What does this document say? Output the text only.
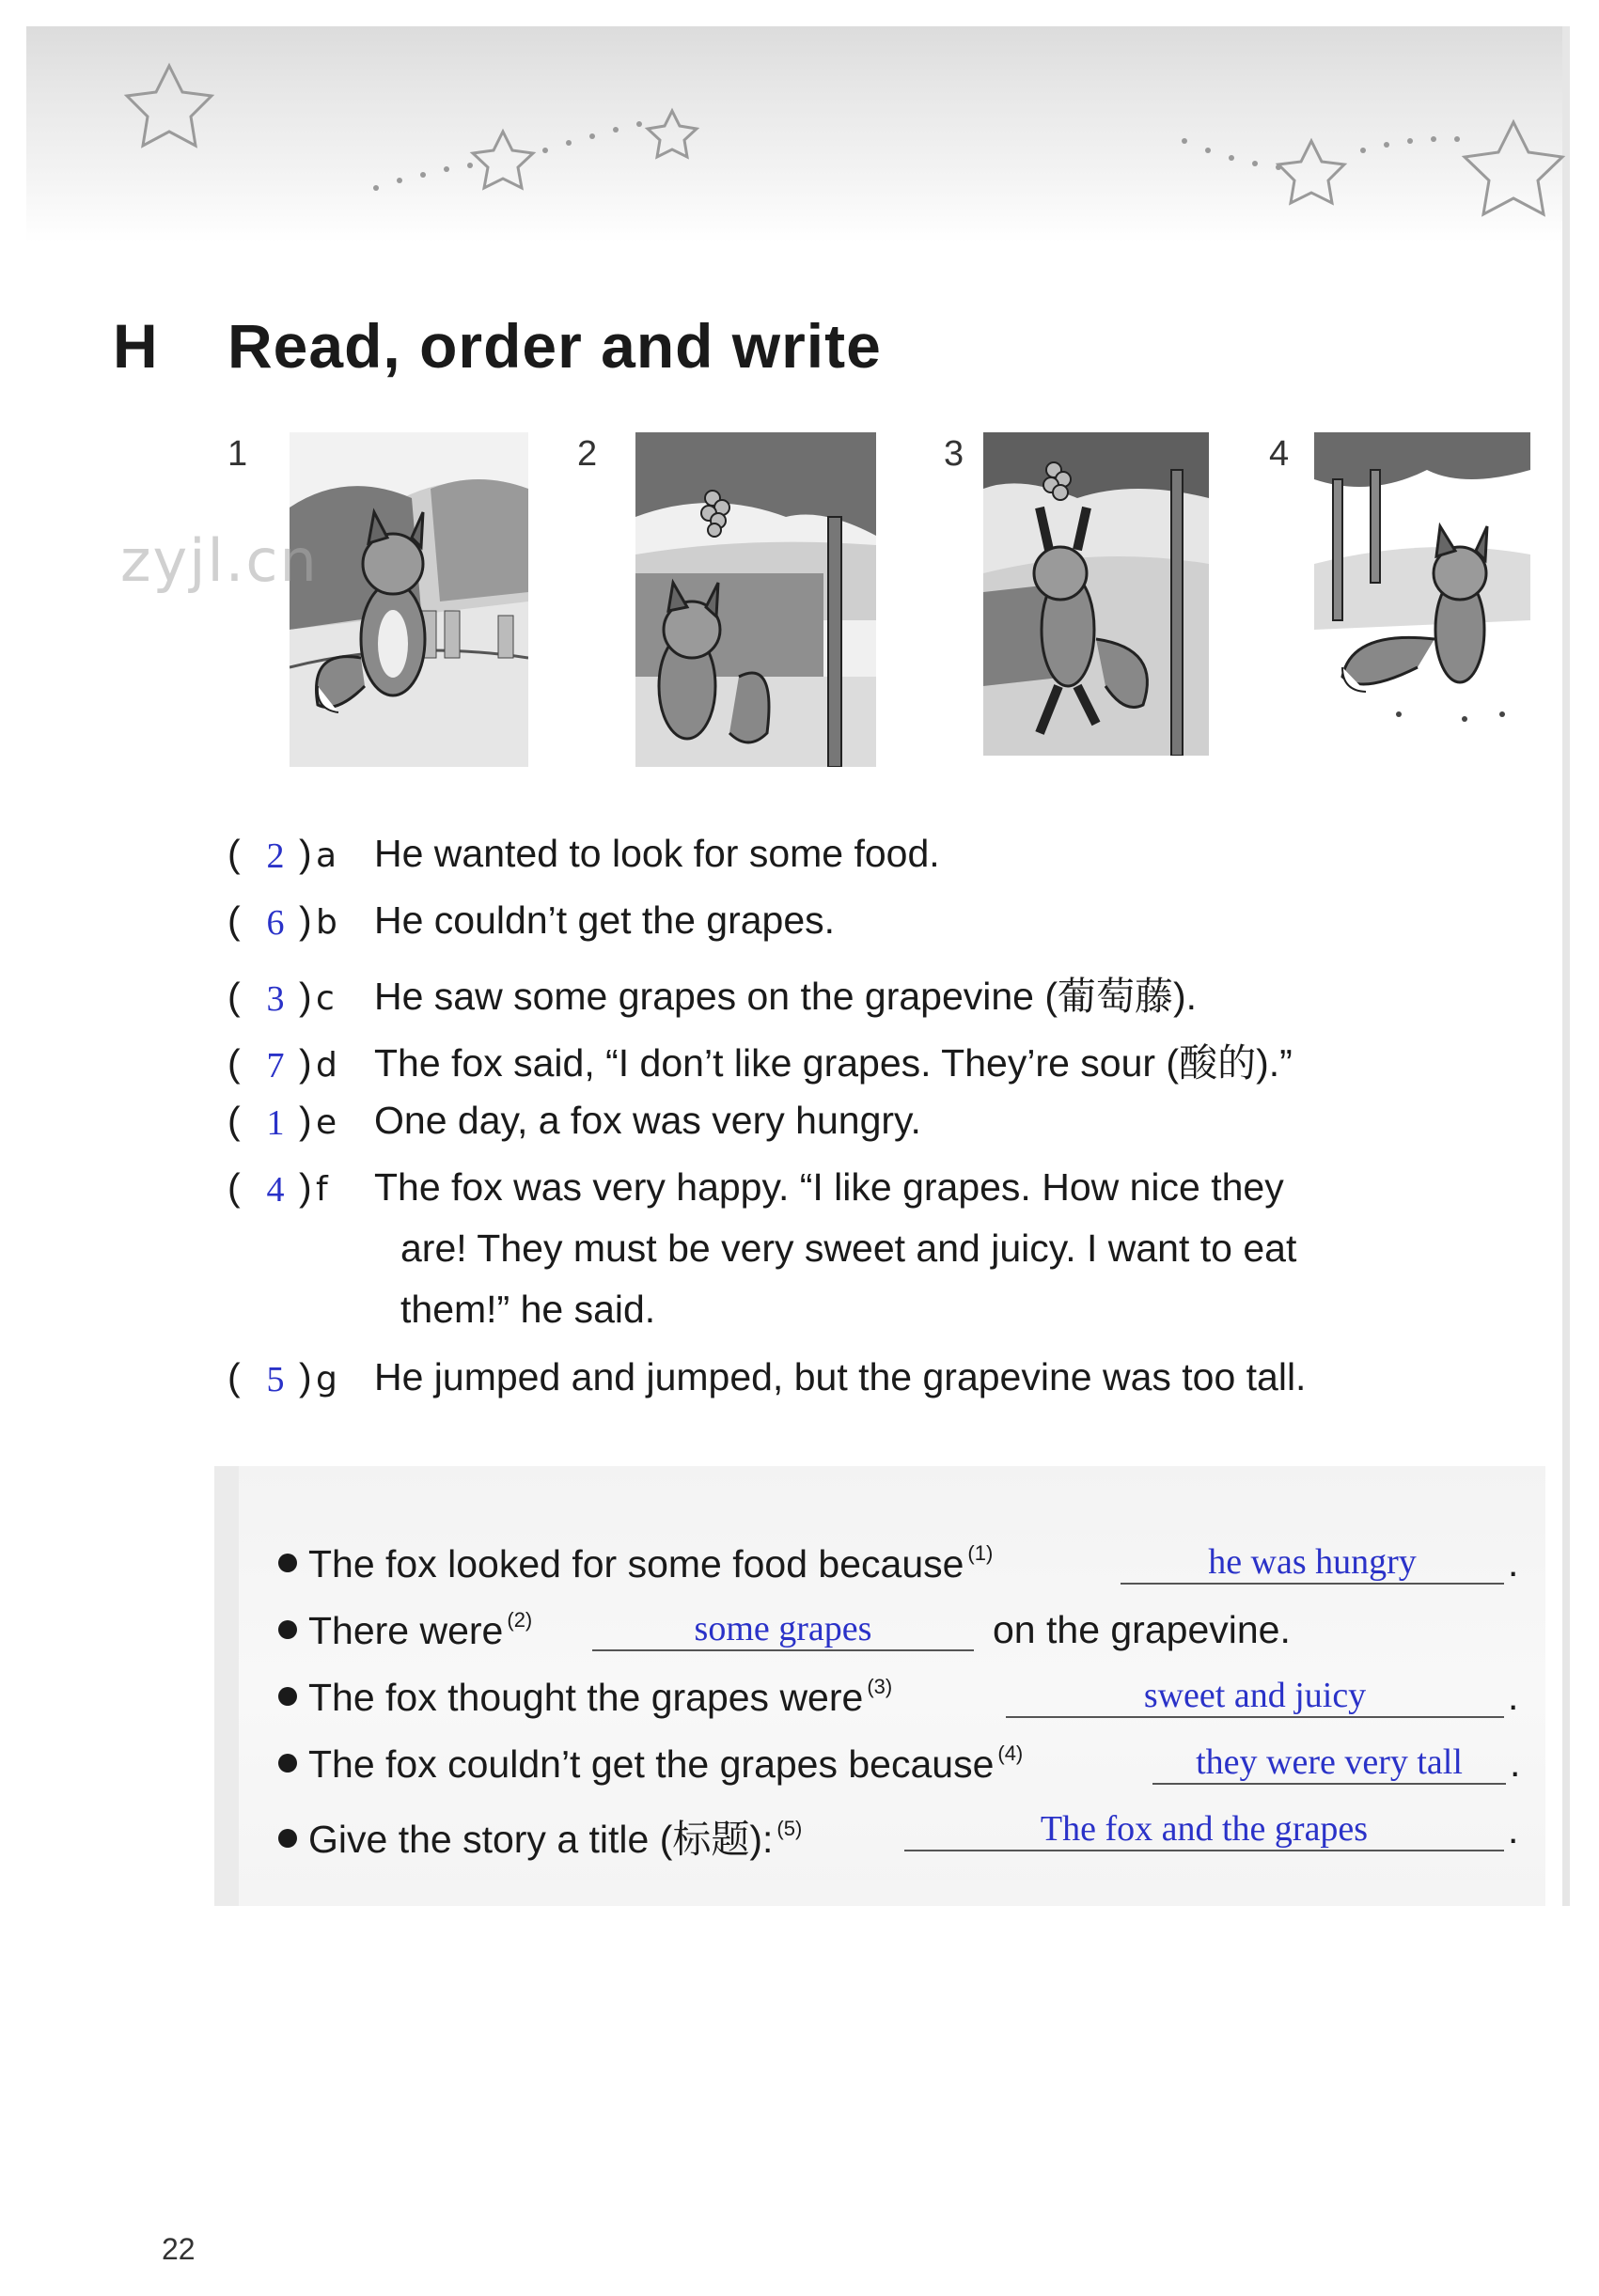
H Read, order and write
1	2	3	4
zyjl.cn
( 2 ) a He wanted to look for some food.
( 6 ) b He couldn’t get the grapes.
( 3 ) c He saw some grapes on the grapevine (葡萄藤).
( 7 ) d The fox said, “I don’t like grapes. They’re sour (酸的).”
( 1 ) e One day, a fox was very hungry.
( 4 ) f The fox was very happy. “I like grapes. How nice they
are! They must be very sweet and juicy. I want to eat
them!” he said.
( 5 ) g He jumped and jumped, but the grapevine was too tall.
The fox looked for some food because $^{(1)}$	he was hungry	.
There were $^{(2)}$	some grapes	on the grapevine.
The fox thought the grapes were $^{(3)}$	sweet and juicy	.
The fox couldn’t get the grapes because $^{(4)}$	they were very tall	.
Give the story a title (标题): $^{(5)}$	The fox and the grapes	.
22
